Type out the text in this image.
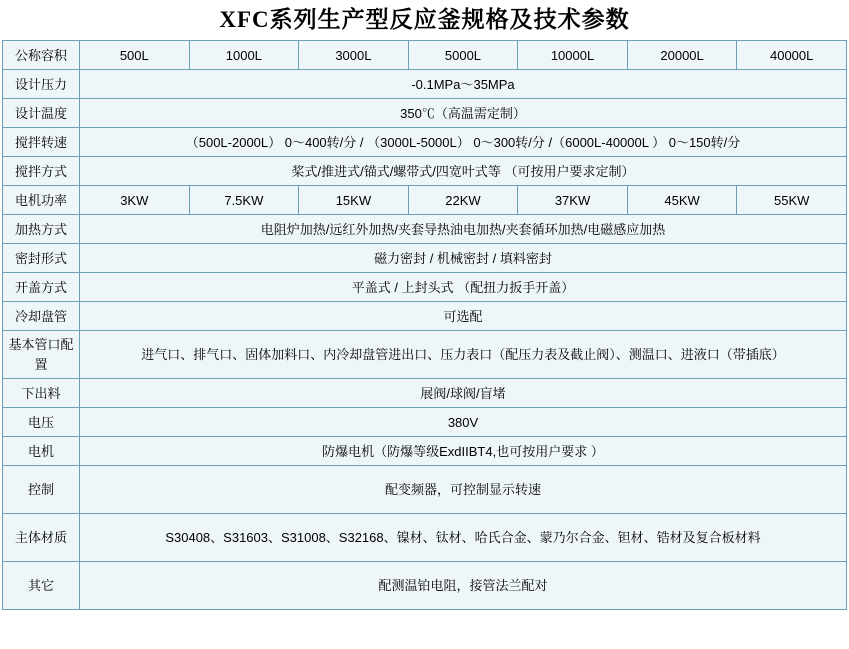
XFC系列生产型反应釜规格及技术参数
公称容积	500L	1000L	3000L	5000L	10000L	20000L	40000L
设计压力	-0.1MPa～35MPa						
设计温度	350℃（高温需定制）						
搅拌转速	（500L-2000L） 0～400转/分 / （3000L-5000L） 0～300转/分 /（6000L-40000L ） 0～150转/分						
搅拌方式	桨式/推进式/锚式/螺带式/四宽叶式等 （可按用户要求定制）						
电机功率	3KW	7.5KW	15KW	22KW	37KW	45KW	55KW
加热方式	电阻炉加热/远红外加热/夹套导热油电加热/夹套循环加热/电磁感应加热						
密封形式	磁力密封 / 机械密封 / 填料密封						
开盖方式	平盖式 / 上封头式 （配扭力扳手开盖）						
冷却盘管	可选配						
基本管口配置	进气口、排气口、固体加料口、内冷却盘管进出口、压力表口（配压力表及截止阀）、测温口、进液口（带插底）						
下出料	展阀/球阀/盲堵						
电压	380V						
电机	防爆电机（防爆等级ExdIIBT4,也可按用户要求 ）						
控制	配变频器，可控制显示转速						
主体材质	S30408、S31603、S31008、S32168、镍材、钛材、哈氏合金、蒙乃尔合金、钽材、锆材及复合板材料						
其它	配测温铂电阻，接管法兰配对						
